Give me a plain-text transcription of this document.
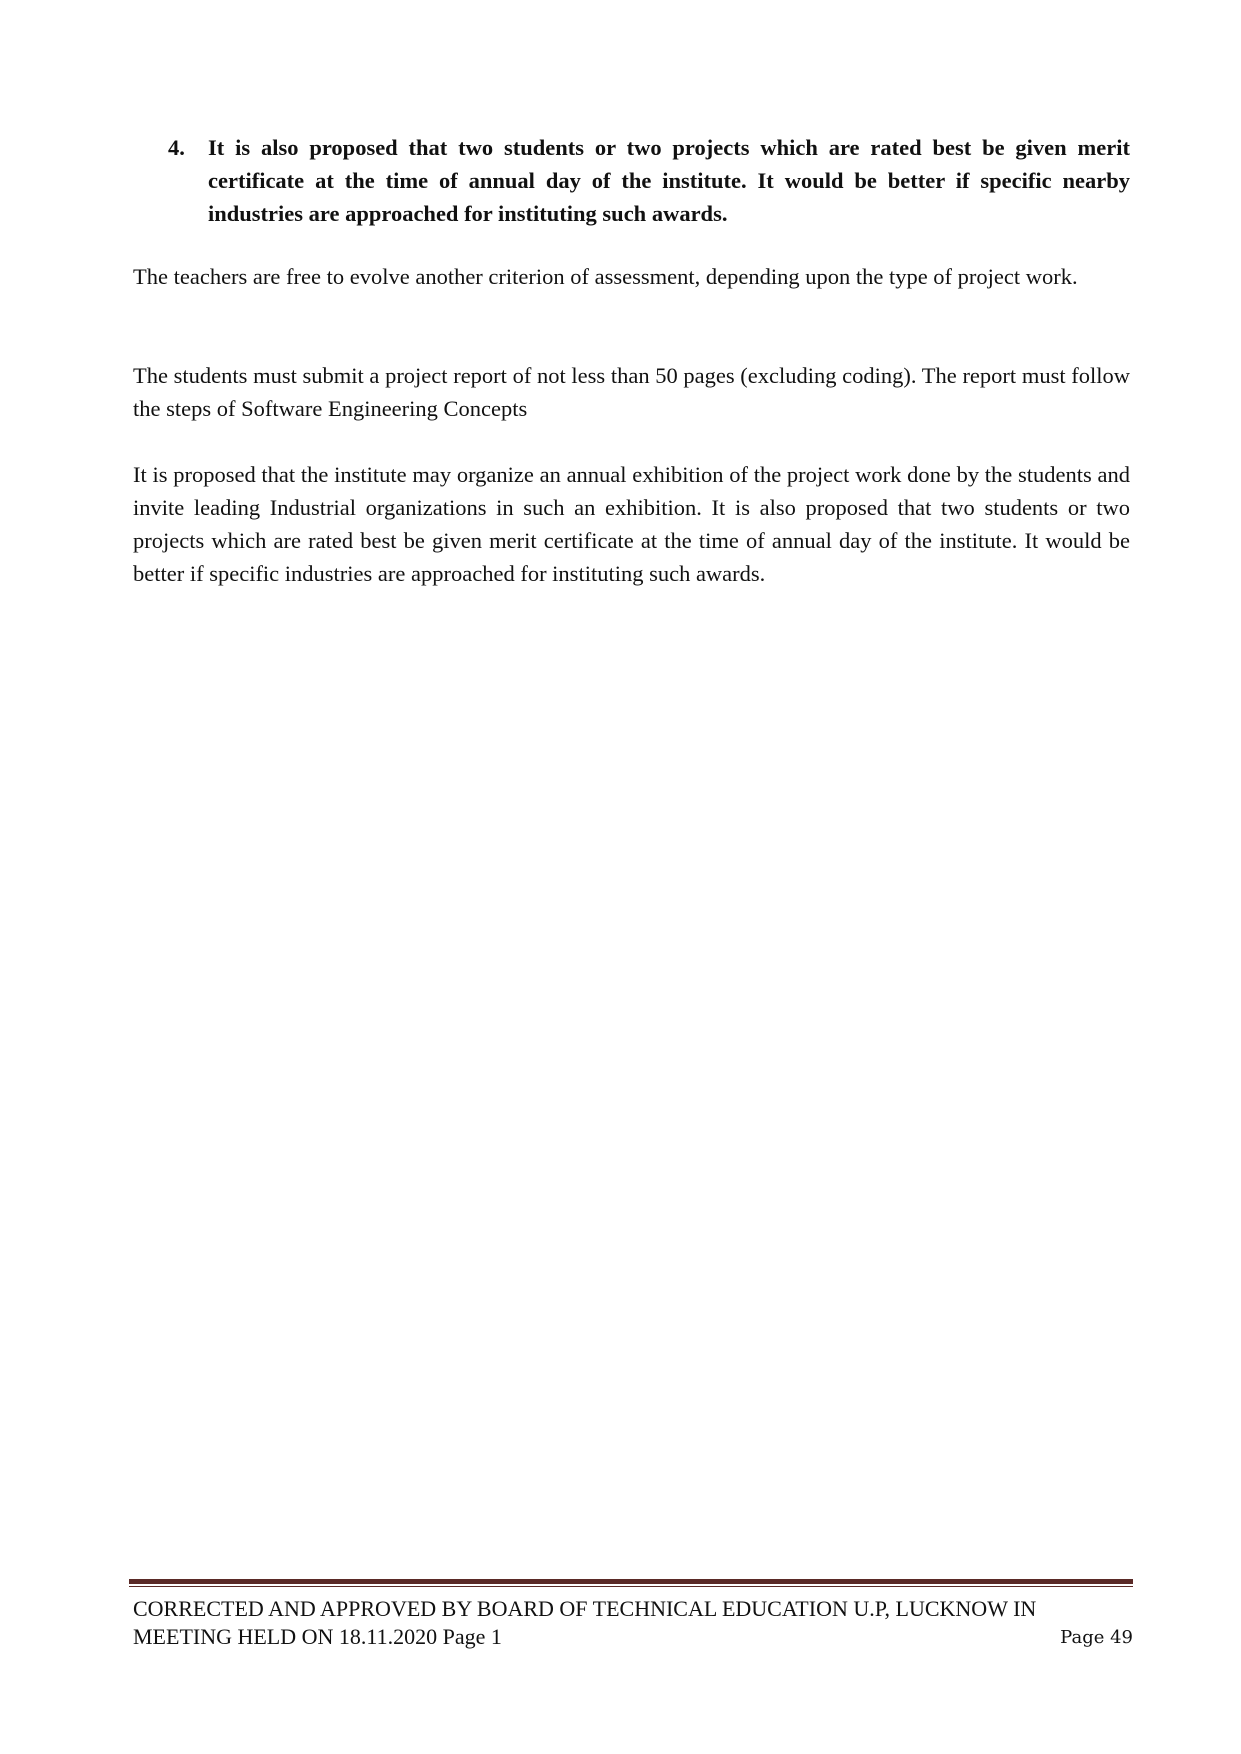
4.	It is also proposed that two students or two projects which are rated best be given merit certificate at the time of annual day of the institute. It would be better if specific nearby industries are approached for instituting such awards.

The teachers are free to evolve another criterion of assessment, depending upon the type of project work.

The students must submit a project report of not less than 50 pages (excluding coding). The report must follow the steps of Software Engineering Concepts

It is proposed that the institute may organize an annual exhibition of the project work done by the students and invite leading Industrial organizations in such an exhibition. It is also proposed that two students or two projects which are rated best be given merit certificate at the time of annual day of the institute. It would be better if specific industries are approached for instituting such awards.

CORRECTED AND APPROVED BY BOARD OF TECHNICAL EDUCATION U.P, LUCKNOW IN
MEETING HELD ON 18.11.2020 Page 1	Page 49
